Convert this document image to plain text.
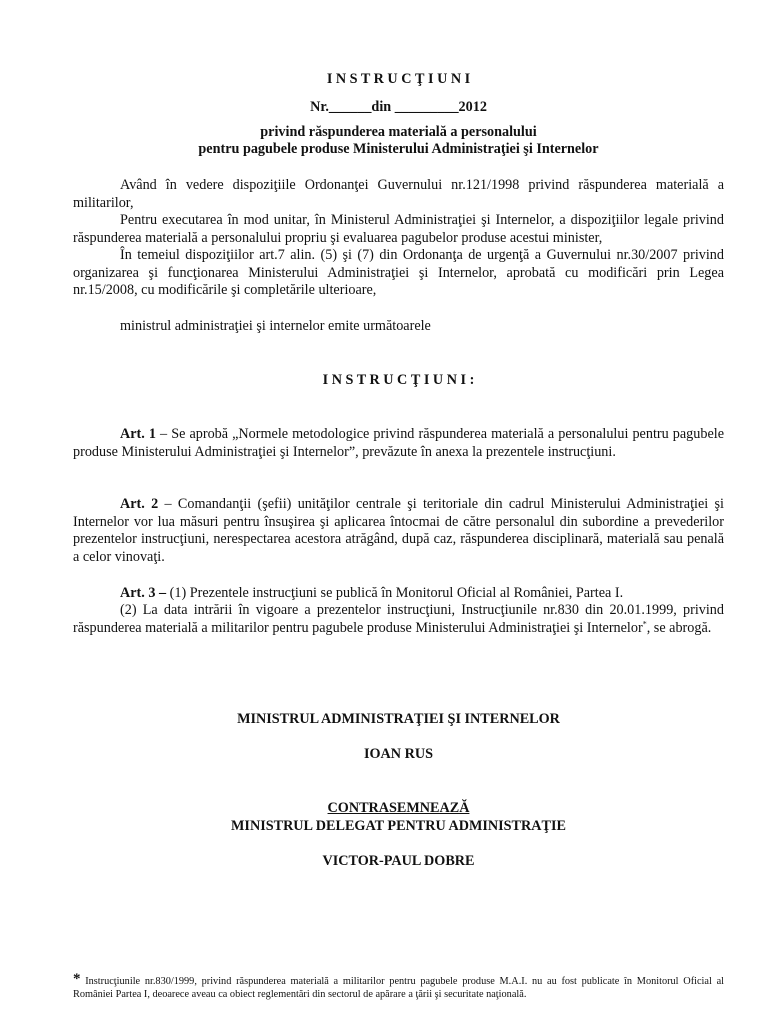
I N S T R U C Ţ I U N I

Nr.______din _________2012

privind răspunderea materială a personalului

pentru pagubele produse Ministerului Administraţiei şi Internelor

Având în vedere dispoziţiile Ordonanţei Guvernului nr.121/1998 privind răspunderea materială a militarilor,

Pentru executarea în mod unitar, în Ministerul Administraţiei şi Internelor, a dispoziţiilor legale privind răspunderea materială a personalului propriu şi evaluarea pagubelor produse acestui minister,

În temeiul dispoziţiilor art.7 alin. (5) şi (7) din Ordonanţa de urgenţă a Guvernului nr.30/2007 privind organizarea şi funcţionarea Ministerului Administraţiei şi Internelor, aprobată cu modificări prin Legea nr.15/2008, cu modificările şi completările ulterioare,

ministrul administraţiei şi internelor emite următoarele

I N S T R U C Ţ I U N I :

Art. 1 – Se aprobă „Normele metodologice privind răspunderea materială a personalului pentru pagubele produse Ministerului Administraţiei şi Internelor”, prevăzute în anexa la prezentele instrucţiuni.

Art. 2 – Comandanţii (şefii) unităţilor centrale şi teritoriale din cadrul Ministerului Administraţiei şi Internelor vor lua măsuri pentru însuşirea şi aplicarea întocmai de către personalul din subordine a prevederilor prezentelor instrucţiuni, nerespectarea acestora atrăgând, după caz, răspunderea disciplinară, materială sau penală a celor vinovaţi.

Art. 3 – (1) Prezentele instrucţiuni se publică în Monitorul Oficial al României, Partea I.

(2) La data intrării în vigoare a prezentelor instrucţiuni, Instrucţiunile nr.830 din 20.01.1999, privind răspunderea materială a militarilor pentru pagubele produse Ministerului Administraţiei şi Internelor*, se abrogă.

MINISTRUL ADMINISTRAŢIEI ŞI INTERNELOR

IOAN RUS

CONTRASEMNEAZĂ

MINISTRUL DELEGAT PENTRU ADMINISTRAŢIE

VICTOR-PAUL DOBRE

* Instrucţiunile nr.830/1999, privind răspunderea materială a militarilor pentru pagubele produse M.A.I. nu au fost publicate în Monitorul Oficial al României Partea I, deoarece aveau ca obiect reglementări din sectorul de apărare a ţării şi securitate naţională.
